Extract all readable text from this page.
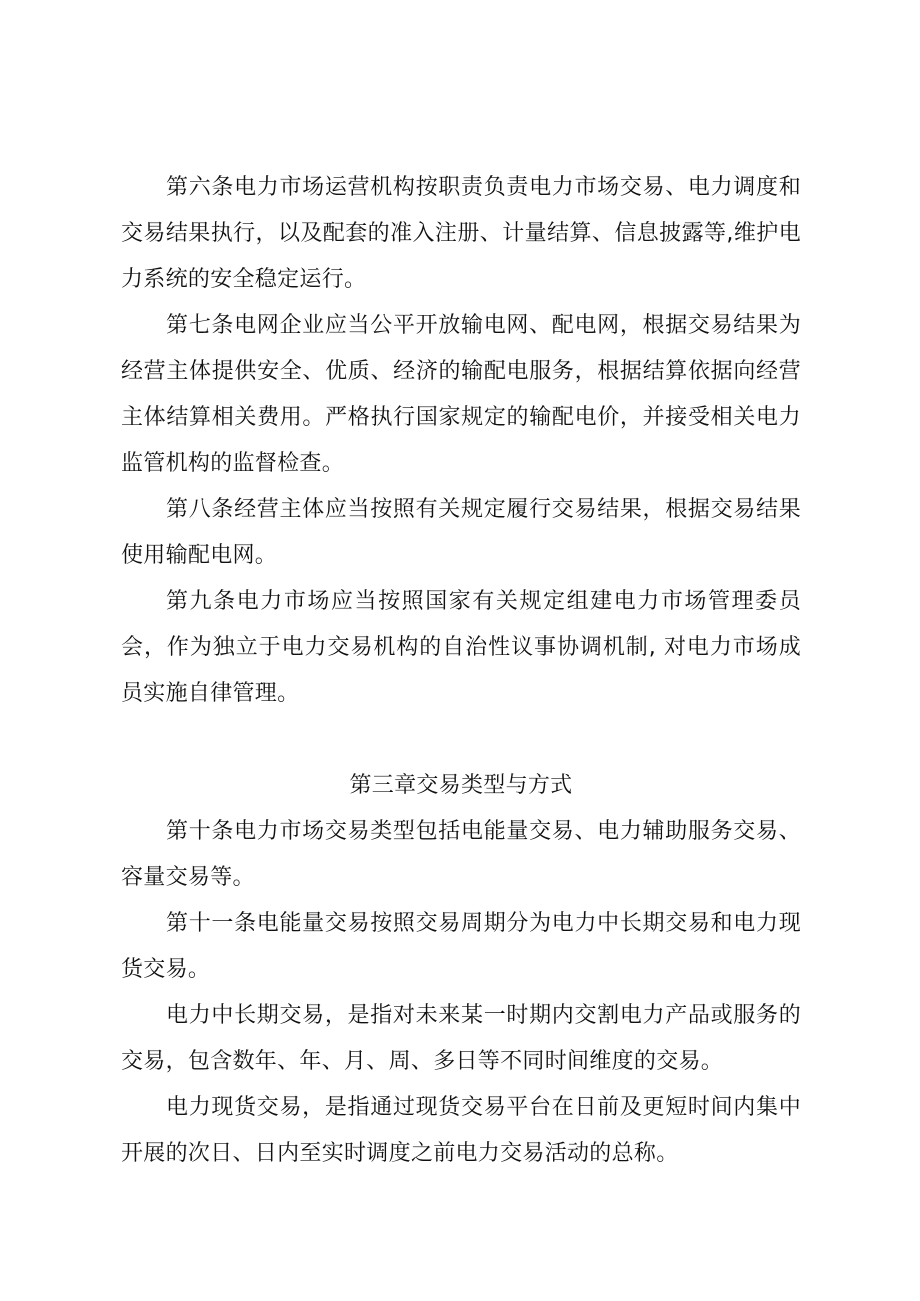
第六条电力市场运营机构按职责负责电力市场交易、电力调度和交易结果执行，以及配套的准入注册、计量结算、信息披露等,维护电力系统的安全稳定运行。

第七条电网企业应当公平开放输电网、配电网，根据交易结果为经营主体提供安全、优质、经济的输配电服务，根据结算依据向经营主体结算相关费用。严格执行国家规定的输配电价，并接受相关电力监管机构的监督检查。

第八条经营主体应当按照有关规定履行交易结果，根据交易结果使用输配电网。

第九条电力市场应当按照国家有关规定组建电力市场管理委员会，作为独立于电力交易机构的自治性议事协调机制, 对电力市场成员实施自律管理。

第三章交易类型与方式

第十条电力市场交易类型包括电能量交易、电力辅助服务交易、容量交易等。

第十一条电能量交易按照交易周期分为电力中长期交易和电力现货交易。

电力中长期交易，是指对未来某一时期内交割电力产品或服务的交易，包含数年、年、月、周、多日等不同时间维度的交易。

电力现货交易，是指通过现货交易平台在日前及更短时间内集中开展的次日、日内至实时调度之前电力交易活动的总称。
